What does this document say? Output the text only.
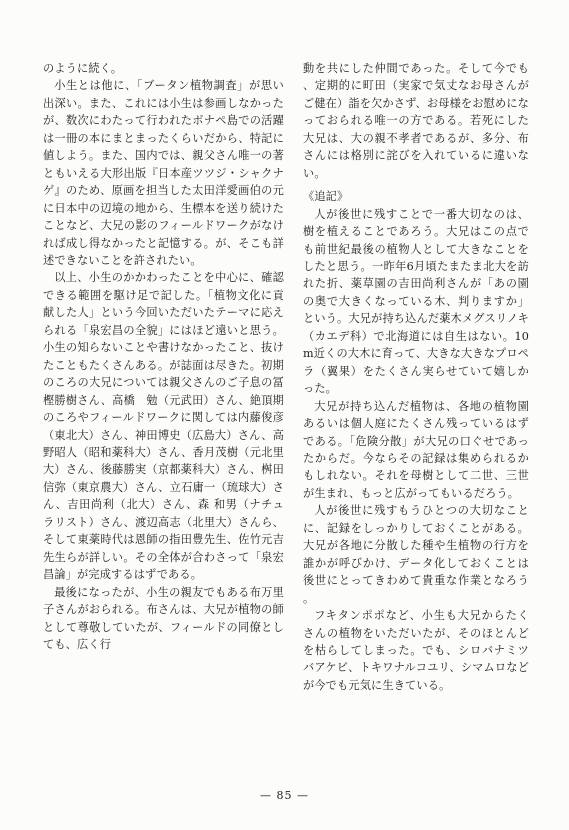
のように続く。

小生とは他に、「ブータン植物調査」が思い出深い。また、これには小生は参画しなかったが、数次にわたって行われたボナペ島での活躍は一冊の本にまとまったくらいだから、特記に値しよう。また、国内では、親父さん唯一の著ともいえる大形出版『日本産ツツジ・シャクナゲ』のため、原画を担当した太田洋愛画伯の元に日本中の辺境の地から、生標本を送り続けたことなど、大兄の影のフィールドワークがなければ成し得なかったと記憶する。が、そこも詳述できないことを許されたい。

以上、小生のかかわったことを中心に、確認できる範囲を駆け足で記した。「植物文化に貢献した人」という今回いただいたテーマに応えられる「泉宏昌の全貌」にはほど遠いと思う。小生の知らないことや書けなかったこと、抜けたこともたくさんある。が誌面は尽きた。初期のころの大兄については親父さんのご子息の冨樫勝樹さん、高橋　勉（元武田）さん、絶頂期のころやフィールドワークに関しては内藤俊彦（東北大）さん、神田博史（広島大）さん、高野昭人（昭和薬科大）さん、香月茂樹（元北里大）さん、後藤勝実（京都薬科大）さん、桝田信弥（東京農大）さん、立石庸一（琉球大）さん、吉田尚利（北大）さん、森 和男（ナチュラリスト）さん、渡辺高志（北里大）さんら、そして東薬時代は恩師の指田豊先生、佐竹元吉先生らが詳しい。その全体が合わさって「泉宏昌論」が完成するはずである。

最後になったが、小生の親友でもある布万里子さんがおられる。布さんは、大兄が植物の師として尊敬していたが、フィールドの同僚としても、広く行

動を共にした仲間であった。そして今でも、定期的に町田（実家で気丈なお母さんがご健在）詣を欠かさず、お母様をお慰めになっておられる唯一の方である。若死にした大兄は、大の親不孝者であるが、多分、布さんには格別に詫びを入れているに違いない。

《追記》

人が後世に残すことで一番大切なのは、樹を植えることであろう。大兄はこの点でも前世紀最後の植物人として大きなことをしたと思う。一昨年6月頃たまたま北大を訪れた折、薬草園の吉田尚利さんが「あの園の奥で大きくなっている木、判りますか」という。大兄が持ち込んだ薬木メグスリノキ（カエデ科）で北海道には自生はない。10m近くの大木に育って、大きな大きなプロペラ（翼果）をたくさん実らせていて嬉しかった。

大兄が持ち込んだ植物は、各地の植物園あるいは個人庭にたくさん残っているはずである。「危険分散」が大兄の口ぐせであったからだ。今ならその記録は集められるかもしれない。それを母樹として二世、三世が生まれ、もっと広がってもいるだろう。

人が後世に残すもうひとつの大切なことに、記録をしっかりしておくことがある。大兄が各地に分散した種や生植物の行方を誰かが呼びかけ、データ化しておくことは後世にとってきわめて貴重な作業となろう。

フキタンポポなど、小生も大兄からたくさんの植物をいただいたが、そのほとんどを枯らしてしまった。でも、シロバナミツバアケビ、トキワナルコユリ、シマムロなどが今でも元気に生きている。

— 85 —
